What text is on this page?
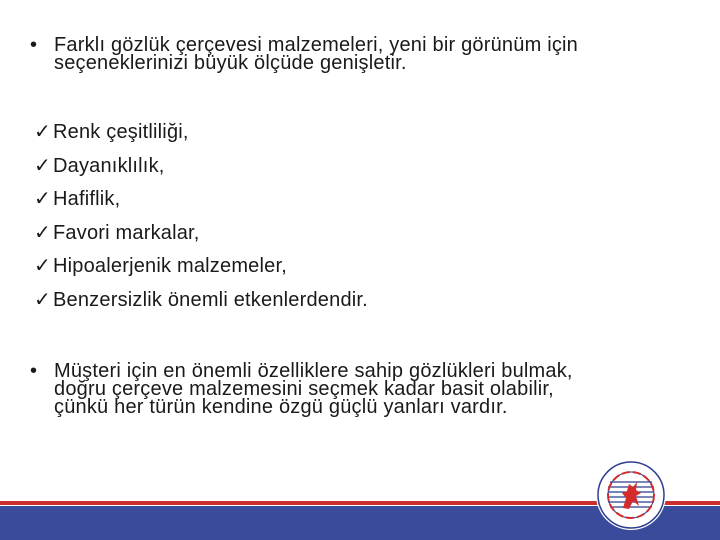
• Farklı gözlük çerçevesi malzemeleri, yeni bir görünüm için
seçeneklerinizi büyük ölçüde genişletir.
✓ Renk çeşitliliği,
✓ Dayanıklılık,
✓ Hafiflik,
✓ Favori markalar,
✓ Hipoalerjenik malzemeler,
✓ Benzersizlik önemli etkenlerdendir.
• Müşteri için en önemli özelliklere sahip gözlükleri bulmak,
doğru çerçeve malzemesini seçmek kadar basit olabilir,
çünkü her türün kendine özgü güçlü yanları vardır.
